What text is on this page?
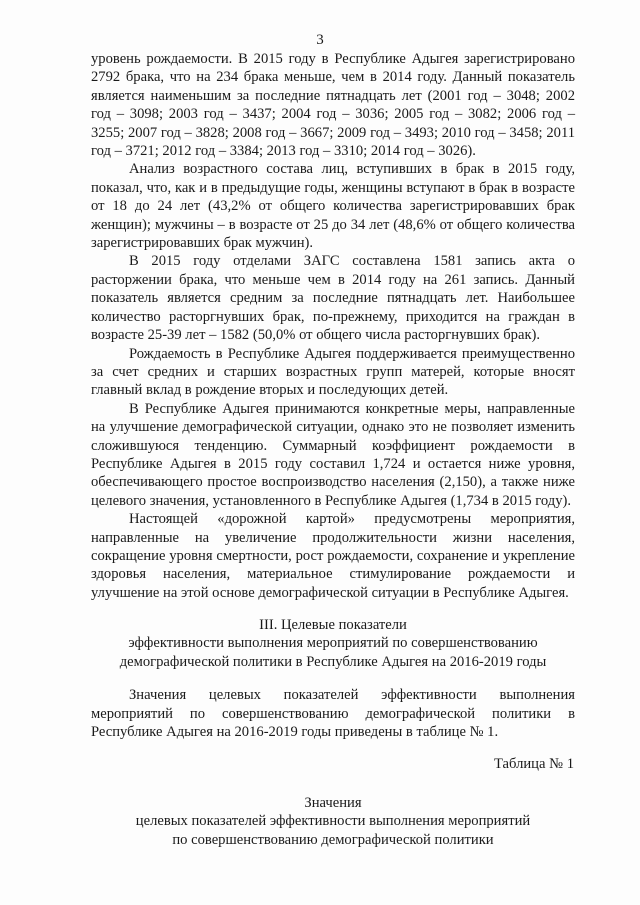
3

уровень рождаемости. В 2015 году в Республике Адыгея зарегистрировано 2792 брака, что на 234 брака меньше, чем в 2014 году. Данный показатель является наименьшим за последние пятнадцать лет (2001 год – 3048; 2002 год – 3098; 2003 год – 3437; 2004 год – 3036; 2005 год – 3082; 2006 год – 3255; 2007 год – 3828; 2008 год – 3667; 2009 год – 3493; 2010 год – 3458; 2011 год – 3721; 2012 год – 3384; 2013 год – 3310; 2014 год – 3026).

Анализ возрастного состава лиц, вступивших в брак в 2015 году, показал, что, как и в предыдущие годы, женщины вступают в брак в возрасте от 18 до 24 лет (43,2% от общего количества зарегистрировавших брак женщин); мужчины – в возрасте от 25 до 34 лет (48,6% от общего количества зарегистрировавших брак мужчин).

В 2015 году отделами ЗАГС составлена 1581 запись акта о расторжении брака, что меньше чем в 2014 году на 261 запись. Данный показатель является средним за последние пятнадцать лет. Наибольшее количество расторгнувших брак, по-прежнему, приходится на граждан в возрасте 25-39 лет – 1582 (50,0% от общего числа расторгнувших брак).

Рождаемость в Республике Адыгея поддерживается преимущественно за счет средних и старших возрастных групп матерей, которые вносят главный вклад в рождение вторых и последующих детей.

В Республике Адыгея принимаются конкретные меры, направленные на улучшение демографической ситуации, однако это не позволяет изменить сложившуюся тенденцию. Суммарный коэффициент рождаемости в Республике Адыгея в 2015 году составил 1,724 и остается ниже уровня, обеспечивающего простое воспроизводство населения (2,150), а также ниже целевого значения, установленного в Республике Адыгея (1,734 в 2015 году).

Настоящей «дорожной картой» предусмотрены мероприятия, направленные на увеличение продолжительности жизни населения, сокращение уровня смертности, рост рождаемости, сохранение и укрепление здоровья населения, материальное стимулирование рождаемости и улучшение на этой основе демографической ситуации в Республике Адыгея.

III. Целевые показатели
эффективности выполнения мероприятий по совершенствованию
демографической политики в Республике Адыгея на 2016-2019 годы

Значения целевых показателей эффективности выполнения мероприятий по совершенствованию демографической политики в Республике Адыгея на 2016-2019 годы приведены в таблице № 1.

Таблица № 1
Значения
целевых показателей эффективности выполнения мероприятий
по совершенствованию демографической политики
